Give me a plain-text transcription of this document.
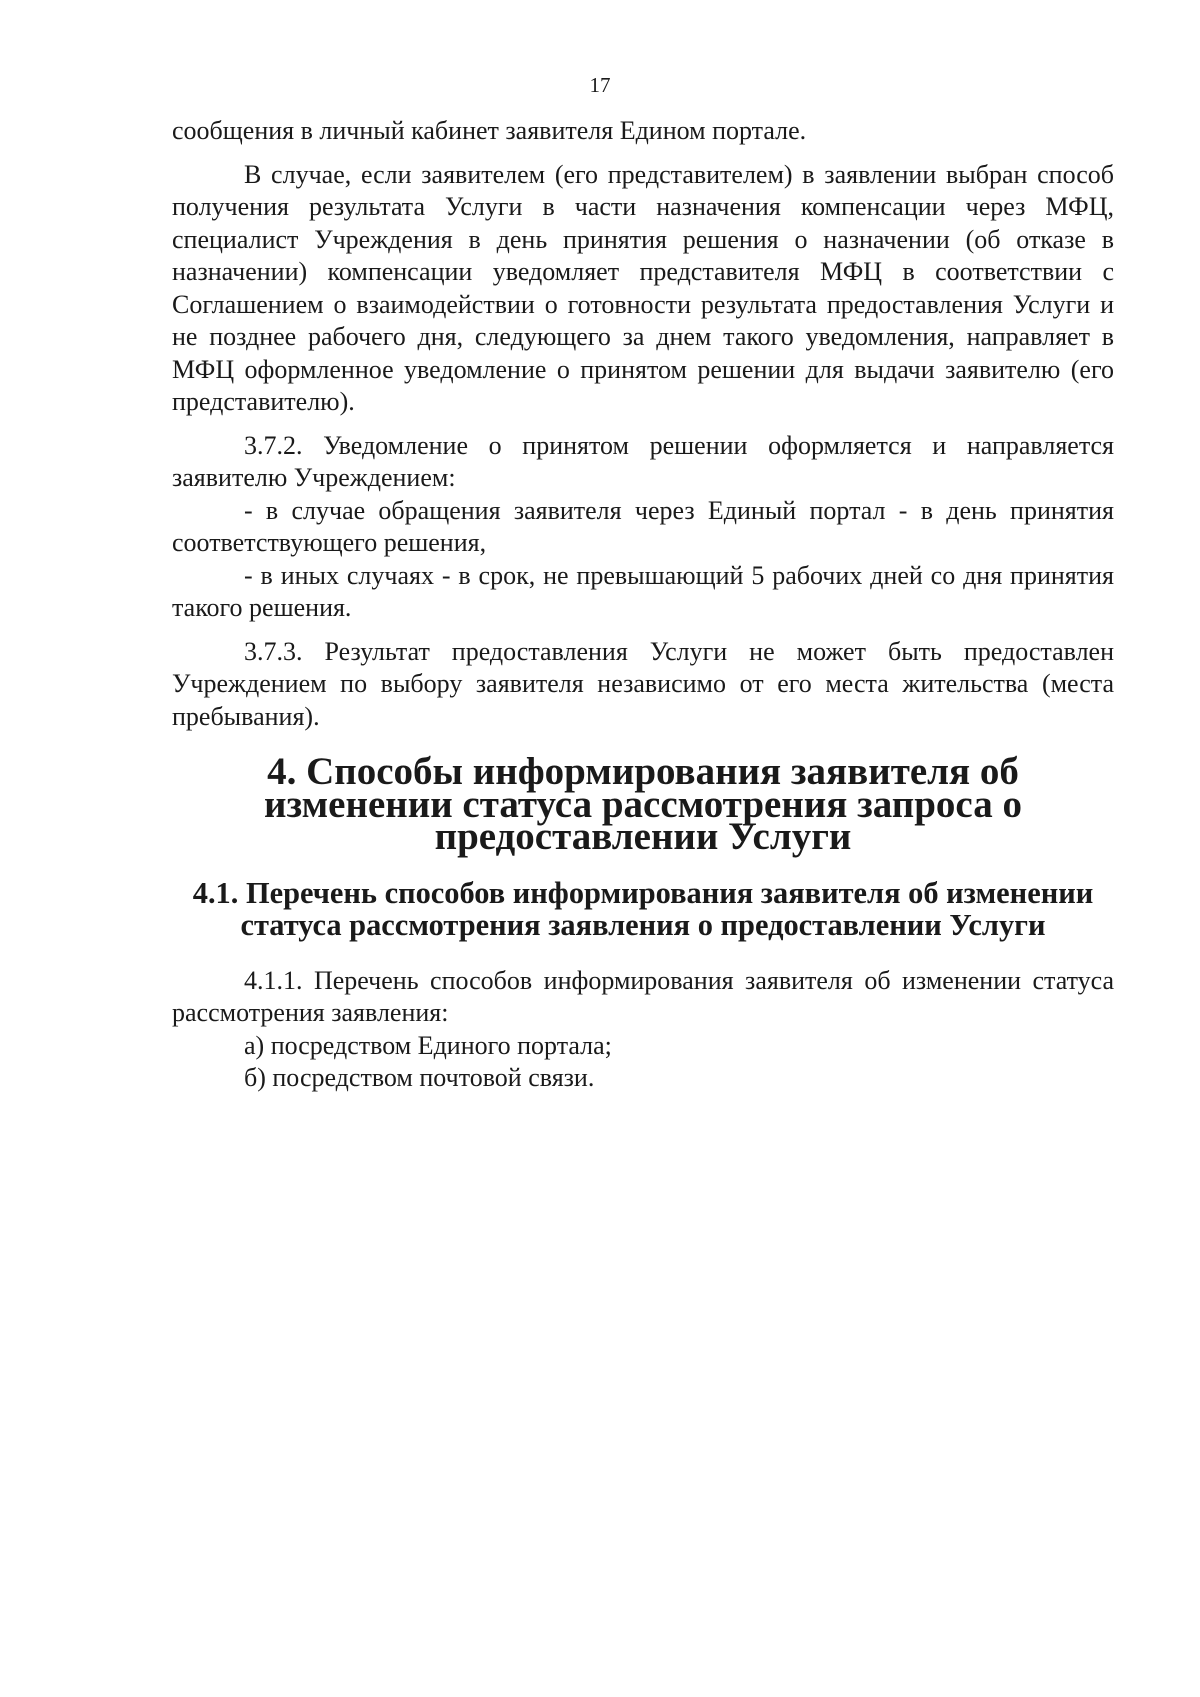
17

сообщения в личный кабинет заявителя Едином портале.

В случае, если заявителем (его представителем) в заявлении выбран способ получения результата Услуги в части назначения компенсации через МФЦ, специалист Учреждения в день принятия решения о назначении (об отказе в назначении) компенсации уведомляет представителя МФЦ в соответствии с Соглашением о взаимодействии о готовности результата предоставления Услуги и не позднее рабочего дня, следующего за днем такого уведомления, направляет в МФЦ оформленное уведомление о принятом решении для выдачи заявителю (его представителю).

3.7.2. Уведомление о принятом решении оформляется и направляется заявителю Учреждением:

- в случае обращения заявителя через Единый портал - в день принятия соответствующего решения,

- в иных случаях - в срок, не превышающий 5 рабочих дней со дня принятия такого решения.

3.7.3. Результат предоставления Услуги не может быть предоставлен Учреждением по выбору заявителя независимо от его места жительства (места пребывания).

4. Способы информирования заявителя об изменении статуса рассмотрения запроса о предоставлении Услуги
4.1. Перечень способов информирования заявителя об изменении статуса рассмотрения заявления о предоставлении Услуги

4.1.1. Перечень способов информирования заявителя об изменении статуса рассмотрения заявления:

а) посредством Единого портала;

б) посредством почтовой связи.
